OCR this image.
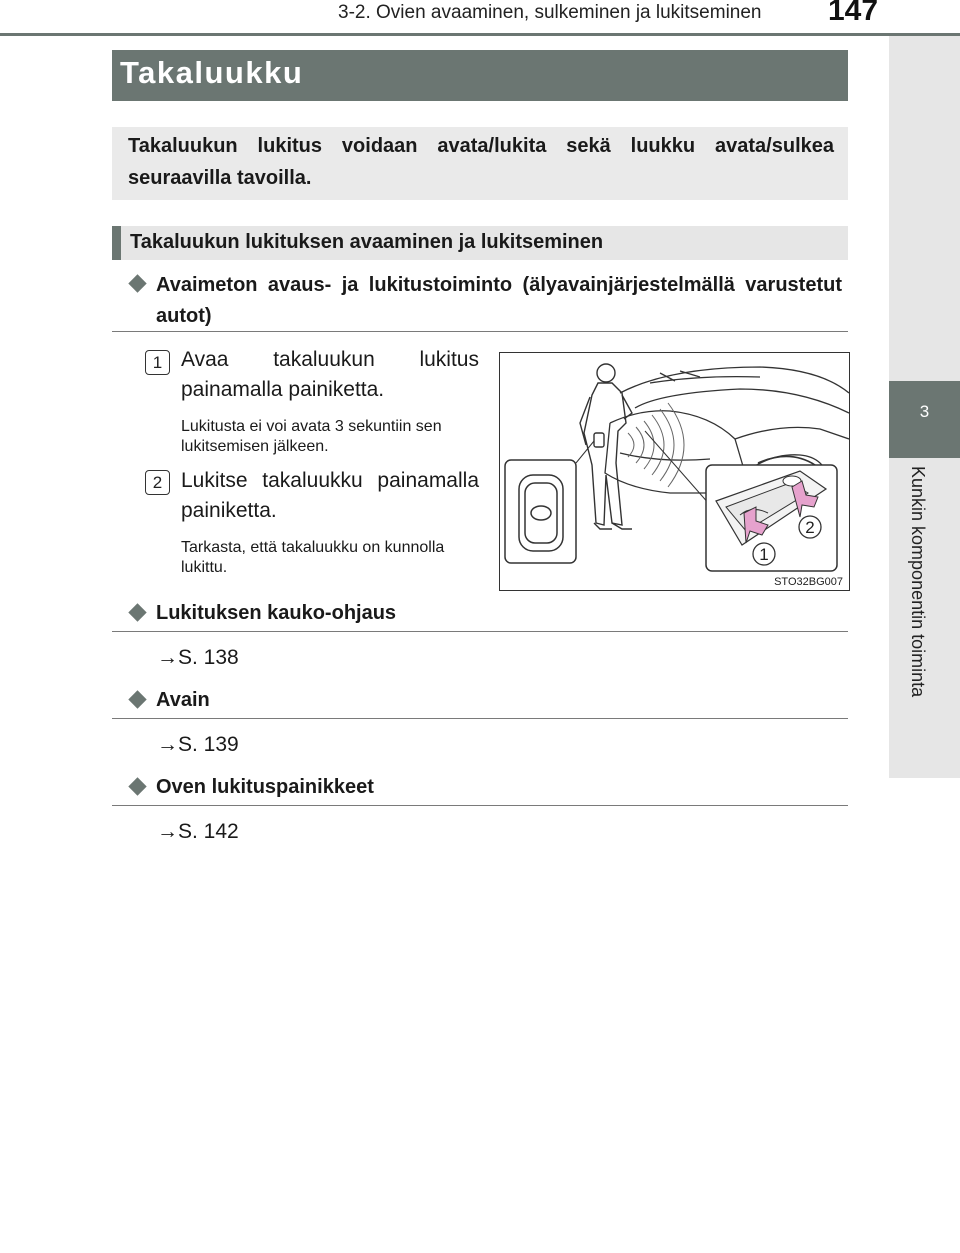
3-2. Ovien avaaminen, sulkeminen ja lukitseminen	147
3
Kunkin komponentin toiminta
Takaluukku
Takaluukun lukitus voidaan avata/lukita sekä luukku avata/sulkea seuraavilla tavoilla.
Takaluukun lukituksen avaaminen ja lukitseminen
Avaimeton avaus- ja lukitustoiminto (älyavainjärjestelmällä varustetut autot)
1 Avaa takaluukun lukitus painamalla painiketta.
Lukitusta ei voi avata 3 sekuntiin sen lukitsemisen jälkeen.
2 Lukitse takaluukku painamalla painiketta.
Tarkasta, että takaluukku on kunnolla lukittu.
1
2
STO32BG007
Lukituksen kauko-ohjaus
→S. 138
Avain
→S. 139
Oven lukituspainikkeet
→S. 142
